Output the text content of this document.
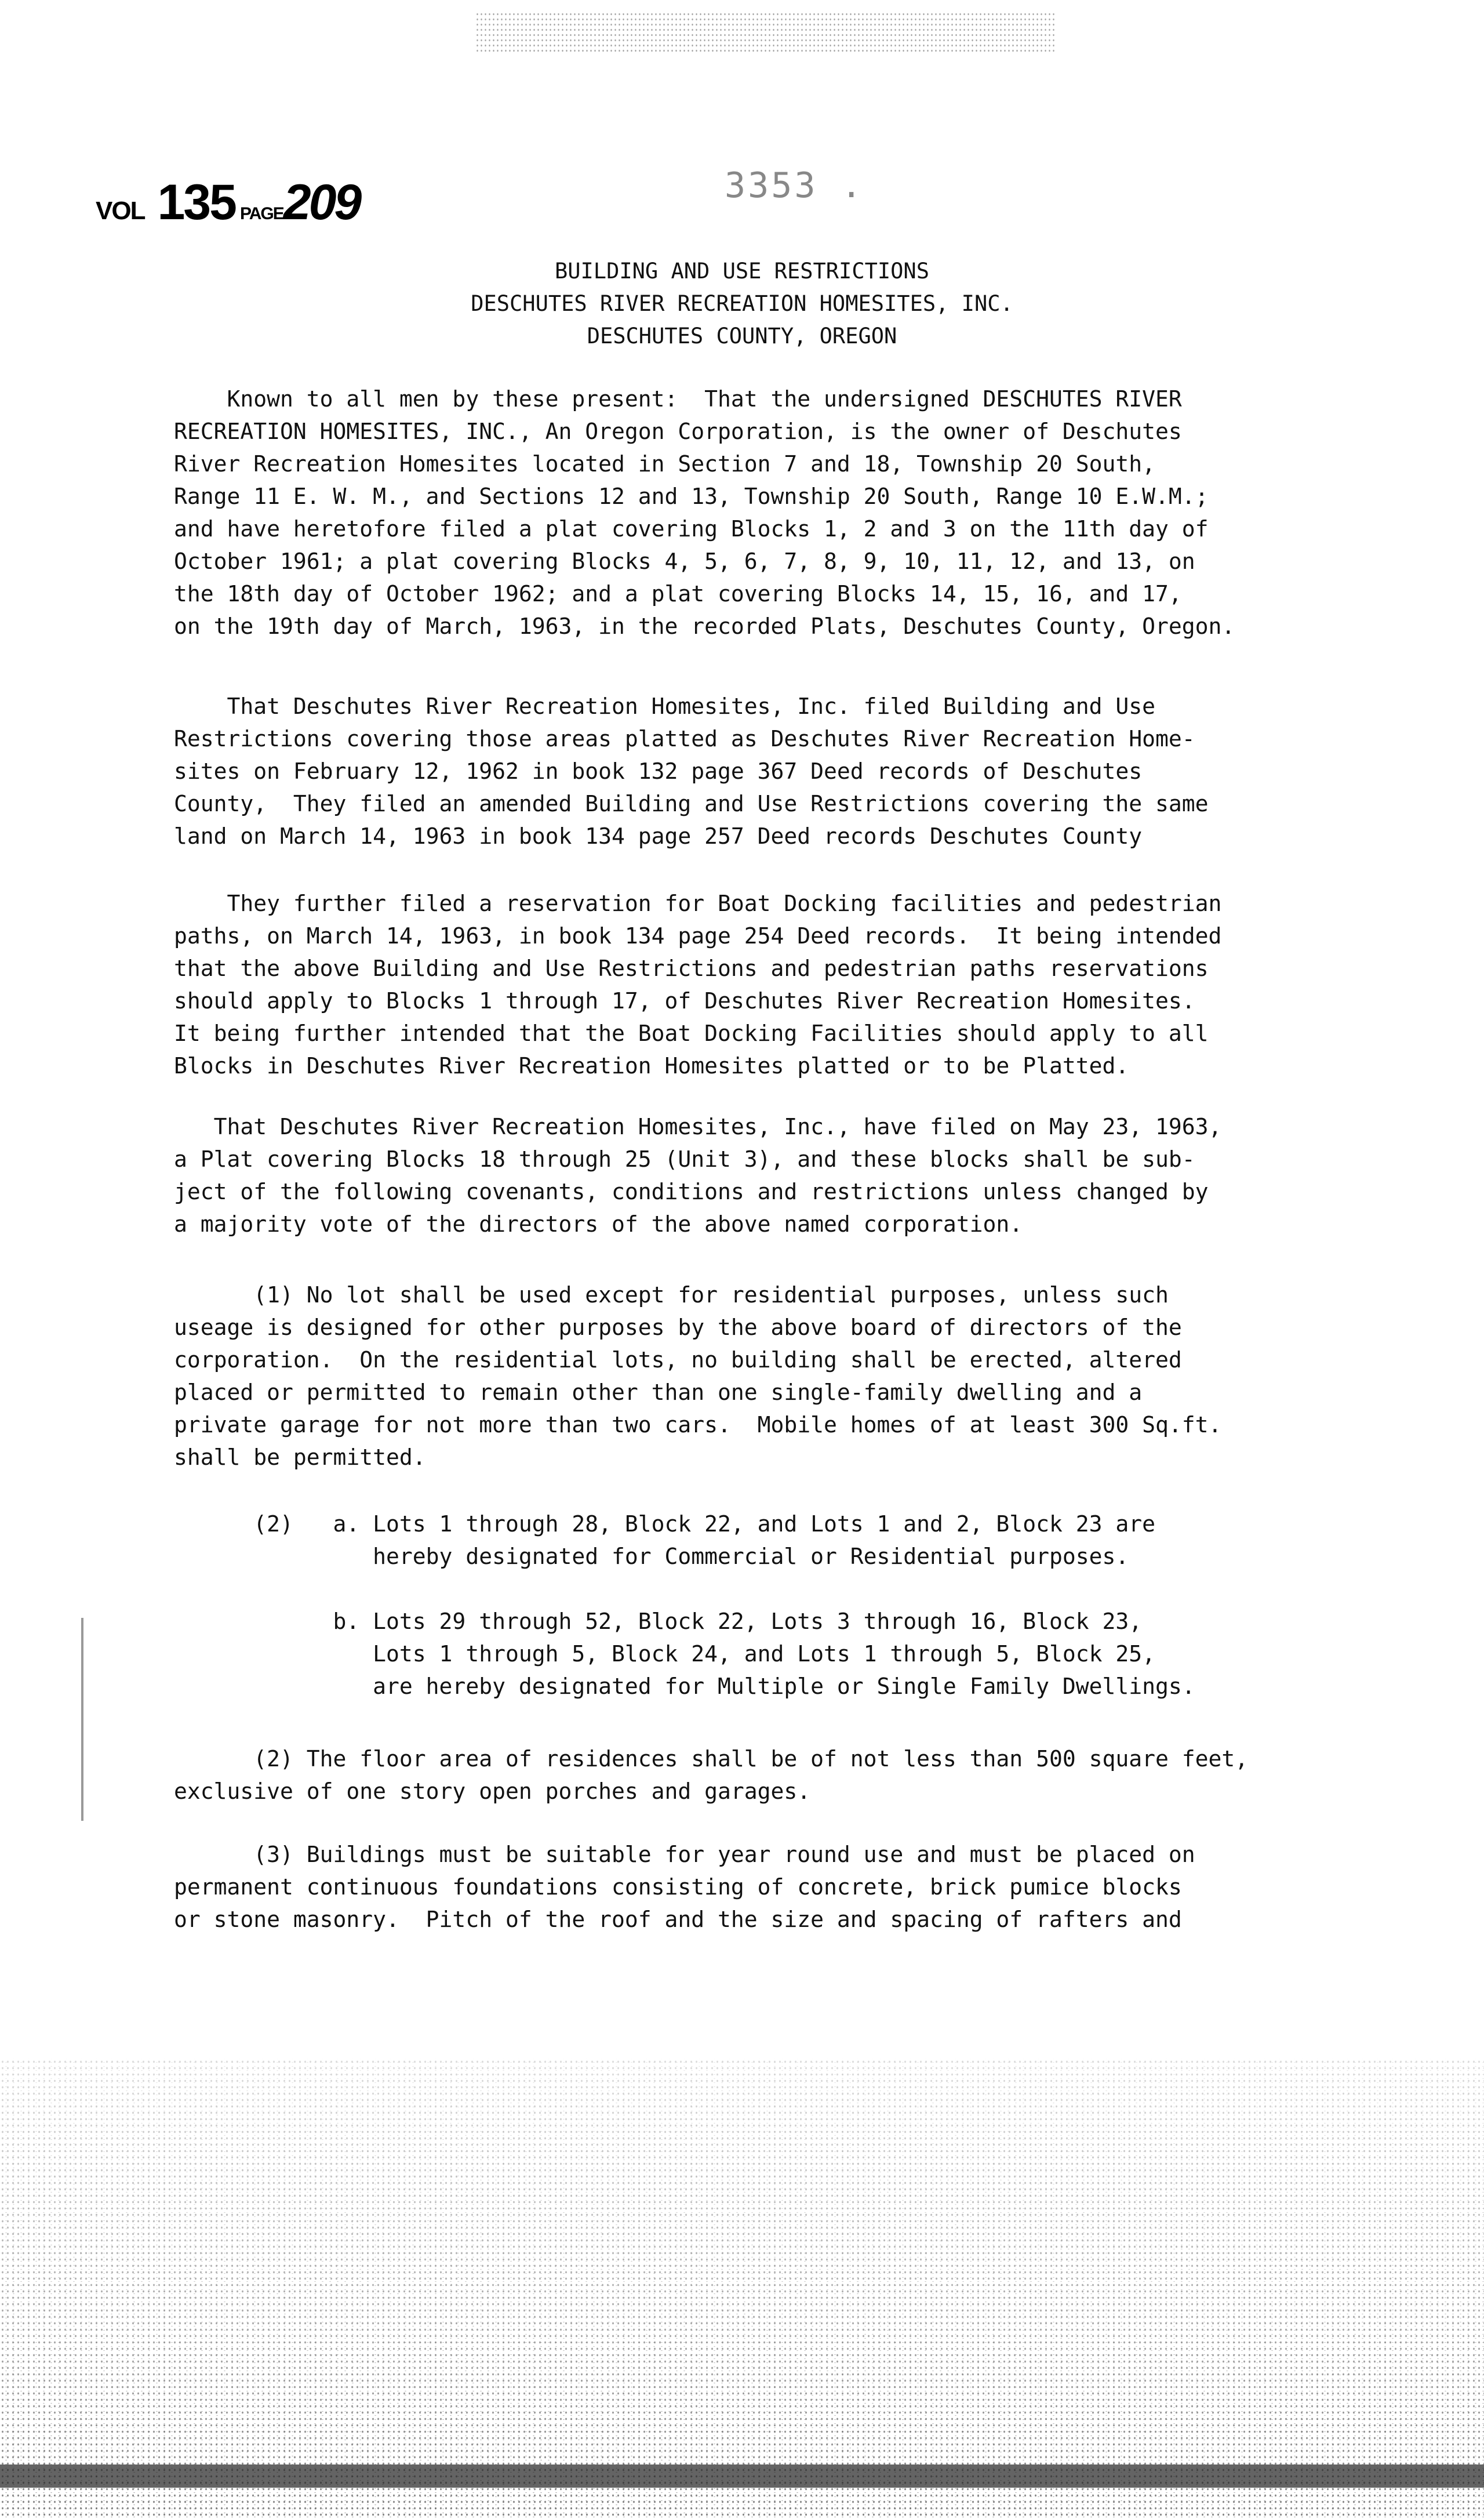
VOL 135 PAGE 209	3353 .
BUILDING AND USE RESTRICTIONS
DESCHUTES RIVER RECREATION HOMESITES, INC.
DESCHUTES COUNTY, OREGON

Known to all men by these present:  That the undersigned DESCHUTES RIVER
RECREATION HOMESITES, INC., An Oregon Corporation, is the owner of Deschutes
River Recreation Homesites located in Section 7 and 18, Township 20 South,
Range 11 E. W. M., and Sections 12 and 13, Township 20 South, Range 10 E.W.M.;
and have heretofore filed a plat covering Blocks 1, 2 and 3 on the 11th day of
October 1961; a plat covering Blocks 4, 5, 6, 7, 8, 9, 10, 11, 12, and 13, on
the 18th day of October 1962; and a plat covering Blocks 14, 15, 16, and 17,
on the 19th day of March, 1963, in the recorded Plats, Deschutes County, Oregon.

That Deschutes River Recreation Homesites, Inc. filed Building and Use
Restrictions covering those areas platted as Deschutes River Recreation Home-
sites on February 12, 1962 in book 132 page 367 Deed records of Deschutes
County,  They filed an amended Building and Use Restrictions covering the same
land on March 14, 1963 in book 134 page 257 Deed records Deschutes County

They further filed a reservation for Boat Docking facilities and pedestrian
paths, on March 14, 1963, in book 134 page 254 Deed records.  It being intended
that the above Building and Use Restrictions and pedestrian paths reservations
should apply to Blocks 1 through 17, of Deschutes River Recreation Homesites.
It being further intended that the Boat Docking Facilities should apply to all
Blocks in Deschutes River Recreation Homesites platted or to be Platted.

That Deschutes River Recreation Homesites, Inc., have filed on May 23, 1963,
a Plat covering Blocks 18 through 25 (Unit 3), and these blocks shall be sub-
ject of the following covenants, conditions and restrictions unless changed by
a majority vote of the directors of the above named corporation.

(1) No lot shall be used except for residential purposes, unless such
useage is designed for other purposes by the above board of directors of the
corporation.  On the residential lots, no building shall be erected, altered
placed or permitted to remain other than one single-family dwelling and a
private garage for not more than two cars.  Mobile homes of at least 300 Sq.ft.
shall be permitted.

(2)   a. Lots 1 through 28, Block 22, and Lots 1 and 2, Block 23 are
hereby designated for Commercial or Residential purposes.

b. Lots 29 through 52, Block 22, Lots 3 through 16, Block 23,
Lots 1 through 5, Block 24, and Lots 1 through 5, Block 25,
are hereby designated for Multiple or Single Family Dwellings.

(2) The floor area of residences shall be of not less than 500 square feet,
exclusive of one story open porches and garages.

(3) Buildings must be suitable for year round use and must be placed on
permanent continuous foundations consisting of concrete, brick pumice blocks
or stone masonry.  Pitch of the roof and the size and spacing of rafters and
